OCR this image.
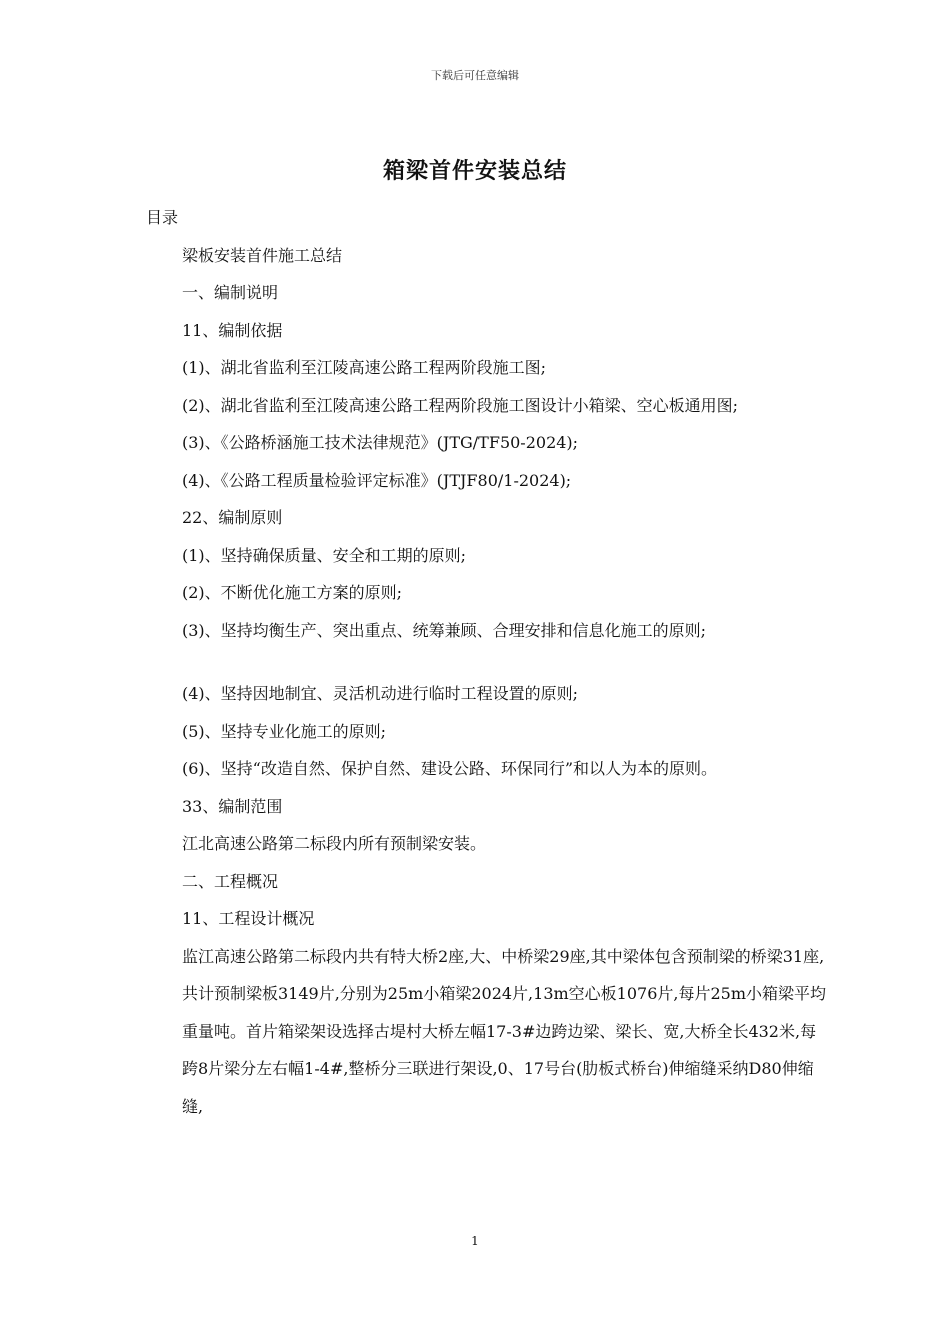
下载后可任意编辑
箱梁首件安装总结

目录

梁板安装首件施工总结

一、编制说明

11、编制依据

(1)、湖北省监利至江陵高速公路工程两阶段施工图;

(2)、湖北省监利至江陵高速公路工程两阶段施工图设计小箱梁、空心板通用图;

(3)、《公路桥涵施工技术法律规范》(JTG/TF50-2024);

(4)、《公路工程质量检验评定标准》(JTJF80/1-2024);

22、编制原则

(1)、坚持确保质量、安全和工期的原则;

(2)、不断优化施工方案的原则;

(3)、坚持均衡生产、突出重点、统筹兼顾、合理安排和信息化施工的原则;

(4)、坚持因地制宜、灵活机动进行临时工程设置的原则;

(5)、坚持专业化施工的原则;

(6)、坚持“改造自然、保护自然、建设公路、环保同行”和以人为本的原则。

33、编制范围

江北高速公路第二标段内所有预制梁安装。

二、工程概况

11、工程设计概况

监江高速公路第二标段内共有特大桥2座,大、中桥梁29座,其中梁体包含预制梁的桥梁31座,共计预制梁板3149片,分别为25m小箱梁2024片,13m空心板1076片,每片25m小箱梁平均重量吨。首片箱梁架设选择古堤村大桥左幅17-3#边跨边梁、梁长、宽,大桥全长432米,每跨8片梁分左右幅1-4#,整桥分三联进行架设,0、17号台(肋板式桥台)伸缩缝采纳D80伸缩缝,

1
